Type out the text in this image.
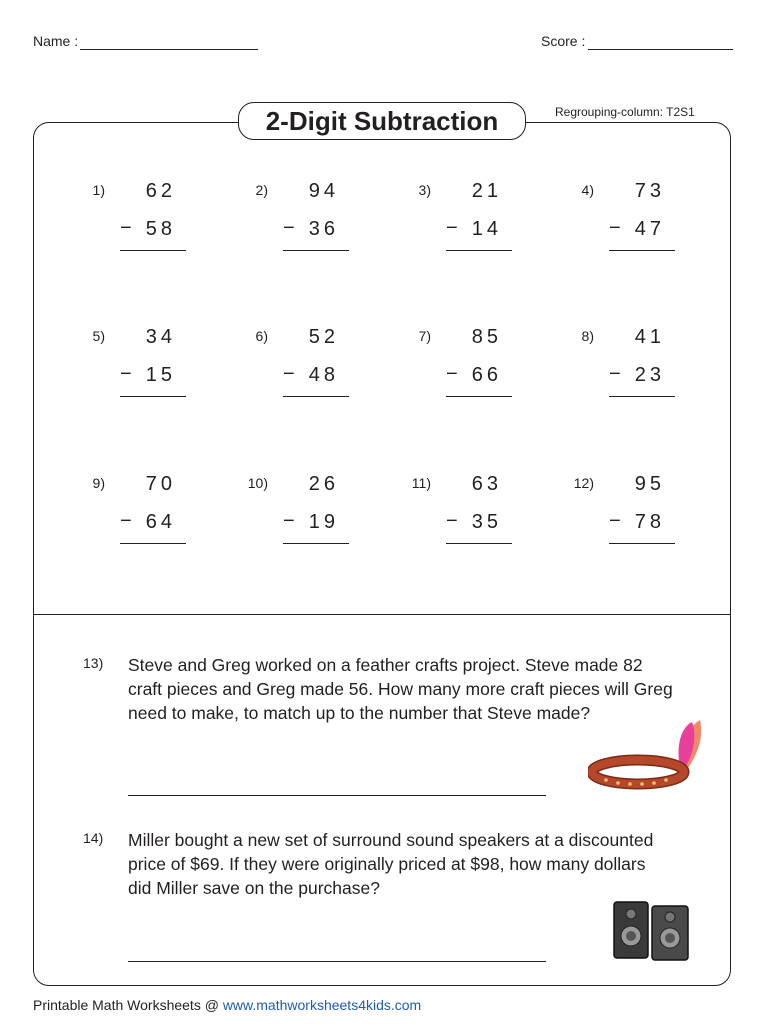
Name :	Score :
2-Digit Subtraction	Regrouping-column: T2S1
1) 62
− 58
2) 94
− 36
3) 21
− 14
4) 73
− 47
5) 34
− 15
6) 52
− 48
7) 85
− 66
8) 41
− 23
9) 70
− 64
10) 26
− 19
11) 63
− 35
12) 95
− 78
13) Steve and Greg worked on a feather crafts project. Steve made 82
craft pieces and Greg made 56. How many more craft pieces will Greg
need to make, to match up to the number that Steve made?
14) Miller bought a new set of surround sound speakers at a discounted
price of $69. If they were originally priced at $98, how many dollars
did Miller save on the purchase?
Printable Math Worksheets @ www.mathworksheets4kids.com
